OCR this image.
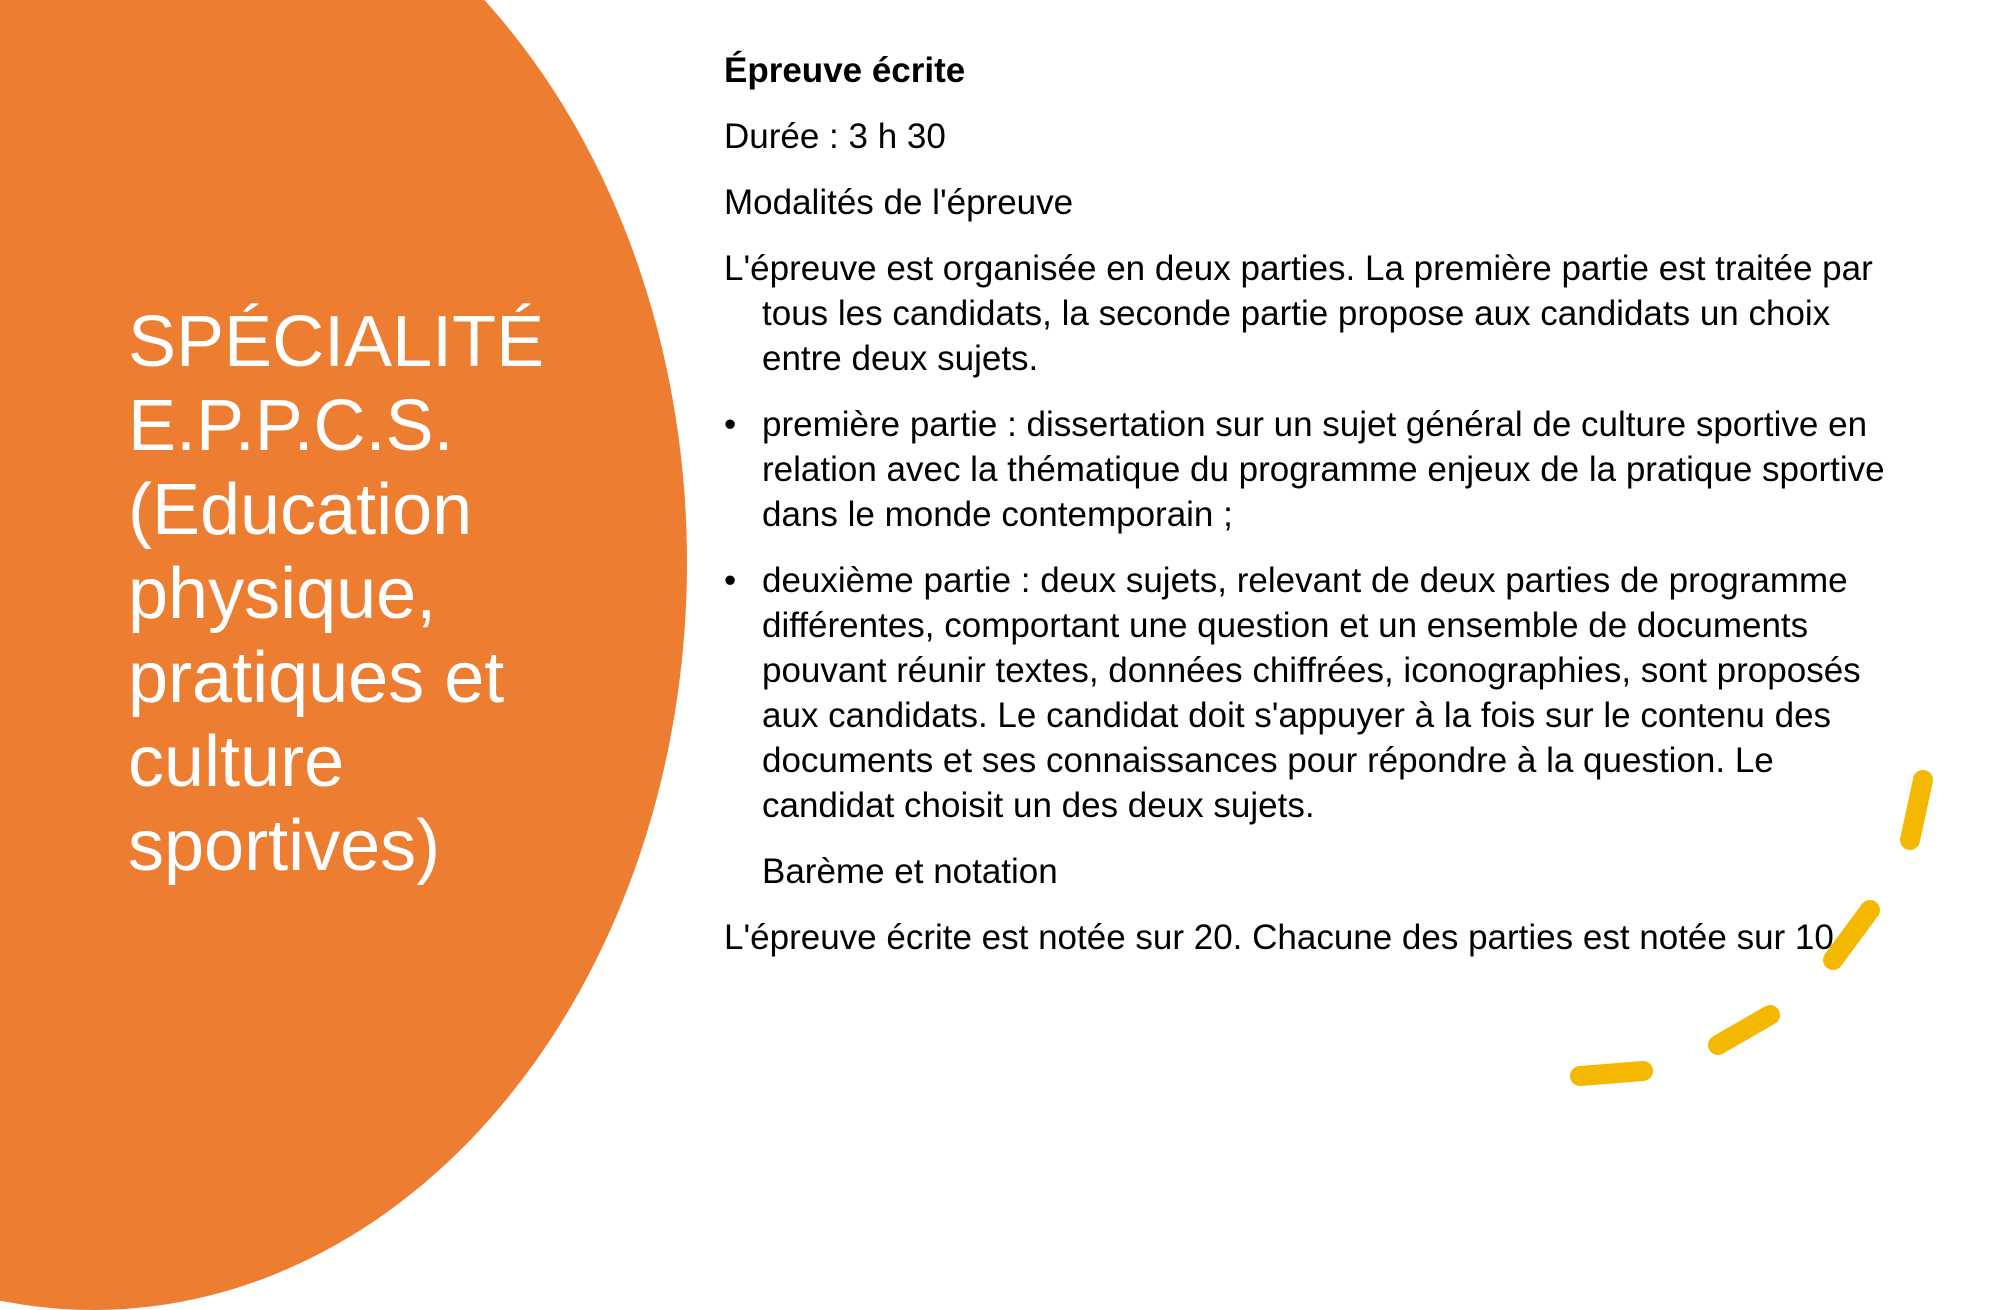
SPÉCIALITÉ E.P.P.C.S. (Education physique, pratiques et culture sportives)

Épreuve écrite

Durée : 3 h 30

Modalités de l'épreuve

L'épreuve est organisée en deux parties. La première partie est traitée par tous les candidats, la seconde partie propose aux candidats un choix entre deux sujets.

• première partie : dissertation sur un sujet général de culture sportive en relation avec la thématique du programme enjeux de la pratique sportive dans le monde contemporain ;
• deuxième partie : deux sujets, relevant de deux parties de programme différentes, comportant une question et un ensemble de documents pouvant réunir textes, données chiffrées, iconographies, sont proposés aux candidats. Le candidat doit s'appuyer à la fois sur le contenu des documents et ses connaissances pour répondre à la question. Le candidat choisit un des deux sujets.

Barème et notation

L'épreuve écrite est notée sur 20. Chacune des parties est notée sur 10.
